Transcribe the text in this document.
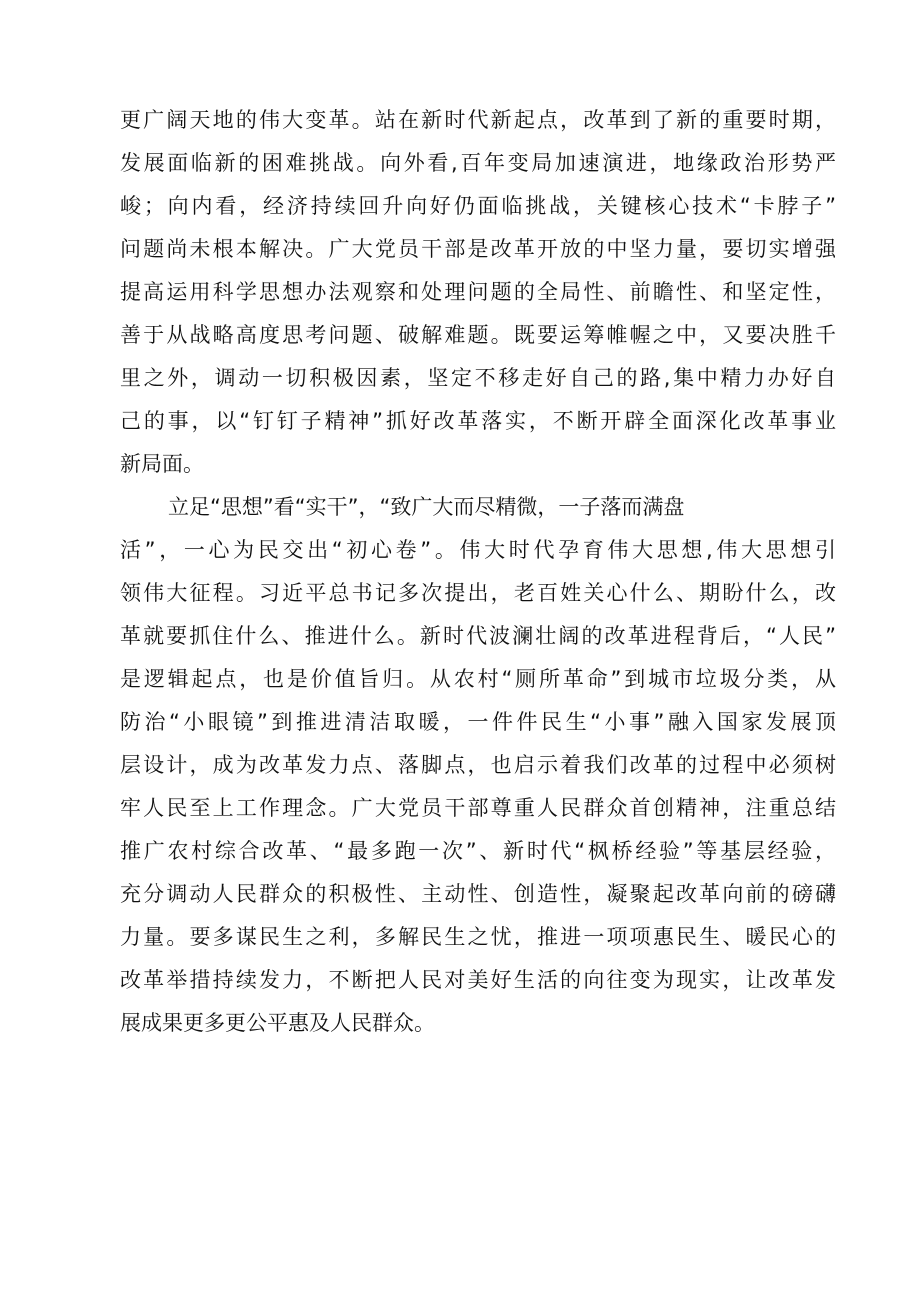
更广阔天地的伟大变革。站在新时代新起点，改革到了新的重要时期，
发展面临新的困难挑战。向外看,百年变局加速演进，地缘政治形势严
峻；向内看，经济持续回升向好仍面临挑战，关键核心技术“卡脖子”
问题尚未根本解决。广大党员干部是改革开放的中坚力量，要切实增强
提高运用科学思想办法观察和处理问题的全局性、前瞻性、和坚定性，
善于从战略高度思考问题、破解难题。既要运筹帷幄之中，又要决胜千
里之外，调动一切积极因素，坚定不移走好自己的路,集中精力办好自
己的事，以“钉钉子精神”抓好改革落实，不断开辟全面深化改革事业
新局面。
立足“思想”看“实干”，“致广大而尽精微，一子落而满盘
活”，一心为民交出“初心卷”。伟大时代孕育伟大思想,伟大思想引
领伟大征程。习近平总书记多次提出，老百姓关心什么、期盼什么，改
革就要抓住什么、推进什么。新时代波澜壮阔的改革进程背后，“人民”
是逻辑起点，也是价值旨归。从农村“厕所革命”到城市垃圾分类，从
防治“小眼镜”到推进清洁取暖，一件件民生“小事”融入国家发展顶
层设计，成为改革发力点、落脚点，也启示着我们改革的过程中必须树
牢人民至上工作理念。广大党员干部尊重人民群众首创精神，注重总结
推广农村综合改革、“最多跑一次”、新时代“枫桥经验”等基层经验，
充分调动人民群众的积极性、主动性、创造性，凝聚起改革向前的磅礴
力量。要多谋民生之利，多解民生之忧，推进一项项惠民生、暖民心的
改革举措持续发力，不断把人民对美好生活的向往变为现实，让改革发
展成果更多更公平惠及人民群众。
